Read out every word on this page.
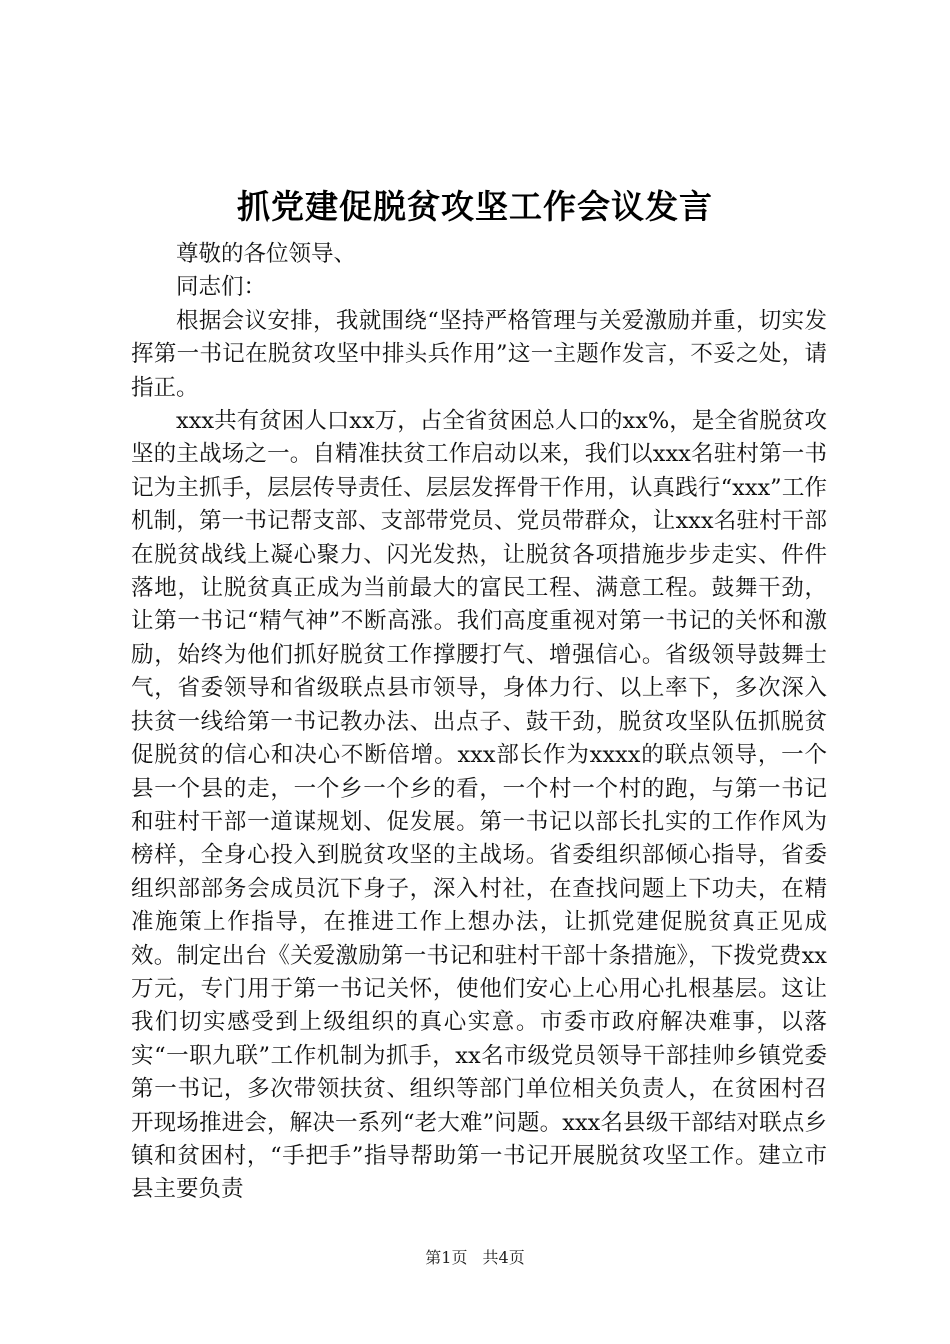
抓党建促脱贫攻坚工作会议发言

尊敬的各位领导、

同志们：

根据会议安排，我就围绕“坚持严格管理与关爱激励并重，切实发挥第一书记在脱贫攻坚中排头兵作用”这一主题作发言，不妥之处，请指正。

xxx共有贫困人口xx万，占全省贫困总人口的xx%，是全省脱贫攻坚的主战场之一。自精准扶贫工作启动以来，我们以xxx名驻村第一书记为主抓手，层层传导责任、层层发挥骨干作用，认真践行“xxx”工作机制，第一书记帮支部、支部带党员、党员带群众，让xxx名驻村干部在脱贫战线上凝心聚力、闪光发热，让脱贫各项措施步步走实、件件落地，让脱贫真正成为当前最大的富民工程、满意工程。鼓舞干劲，让第一书记“精气神”不断高涨。我们高度重视对第一书记的关怀和激励，始终为他们抓好脱贫工作撑腰打气、增强信心。省级领导鼓舞士气，省委领导和省级联点县市领导，身体力行、以上率下，多次深入扶贫一线给第一书记教办法、出点子、鼓干劲，脱贫攻坚队伍抓脱贫促脱贫的信心和决心不断倍增。xxx部长作为xxxx的联点领导，一个县一个县的走，一个乡一个乡的看，一个村一个村的跑，与第一书记和驻村干部一道谋规划、促发展。第一书记以部长扎实的工作作风为榜样，全身心投入到脱贫攻坚的主战场。省委组织部倾心指导，省委组织部部务会成员沉下身子，深入村社，在查找问题上下功夫，在精准施策上作指导，在推进工作上想办法，让抓党建促脱贫真正见成效。制定出台《关爱激励第一书记和驻村干部十条措施》，下拨党费xx万元，专门用于第一书记关怀，使他们安心上心用心扎根基层。这让我们切实感受到上级组织的真心实意。市委市政府解决难事，以落实“一职九联”工作机制为抓手，xx名市级党员领导干部挂帅乡镇党委第一书记，多次带领扶贫、组织等部门单位相关负责人，在贫困村召开现场推进会，解决一系列“老大难”问题。xxx名县级干部结对联点乡镇和贫困村，“手把手”指导帮助第一书记开展脱贫攻坚工作。建立市县主要负责

第1页 共4页
